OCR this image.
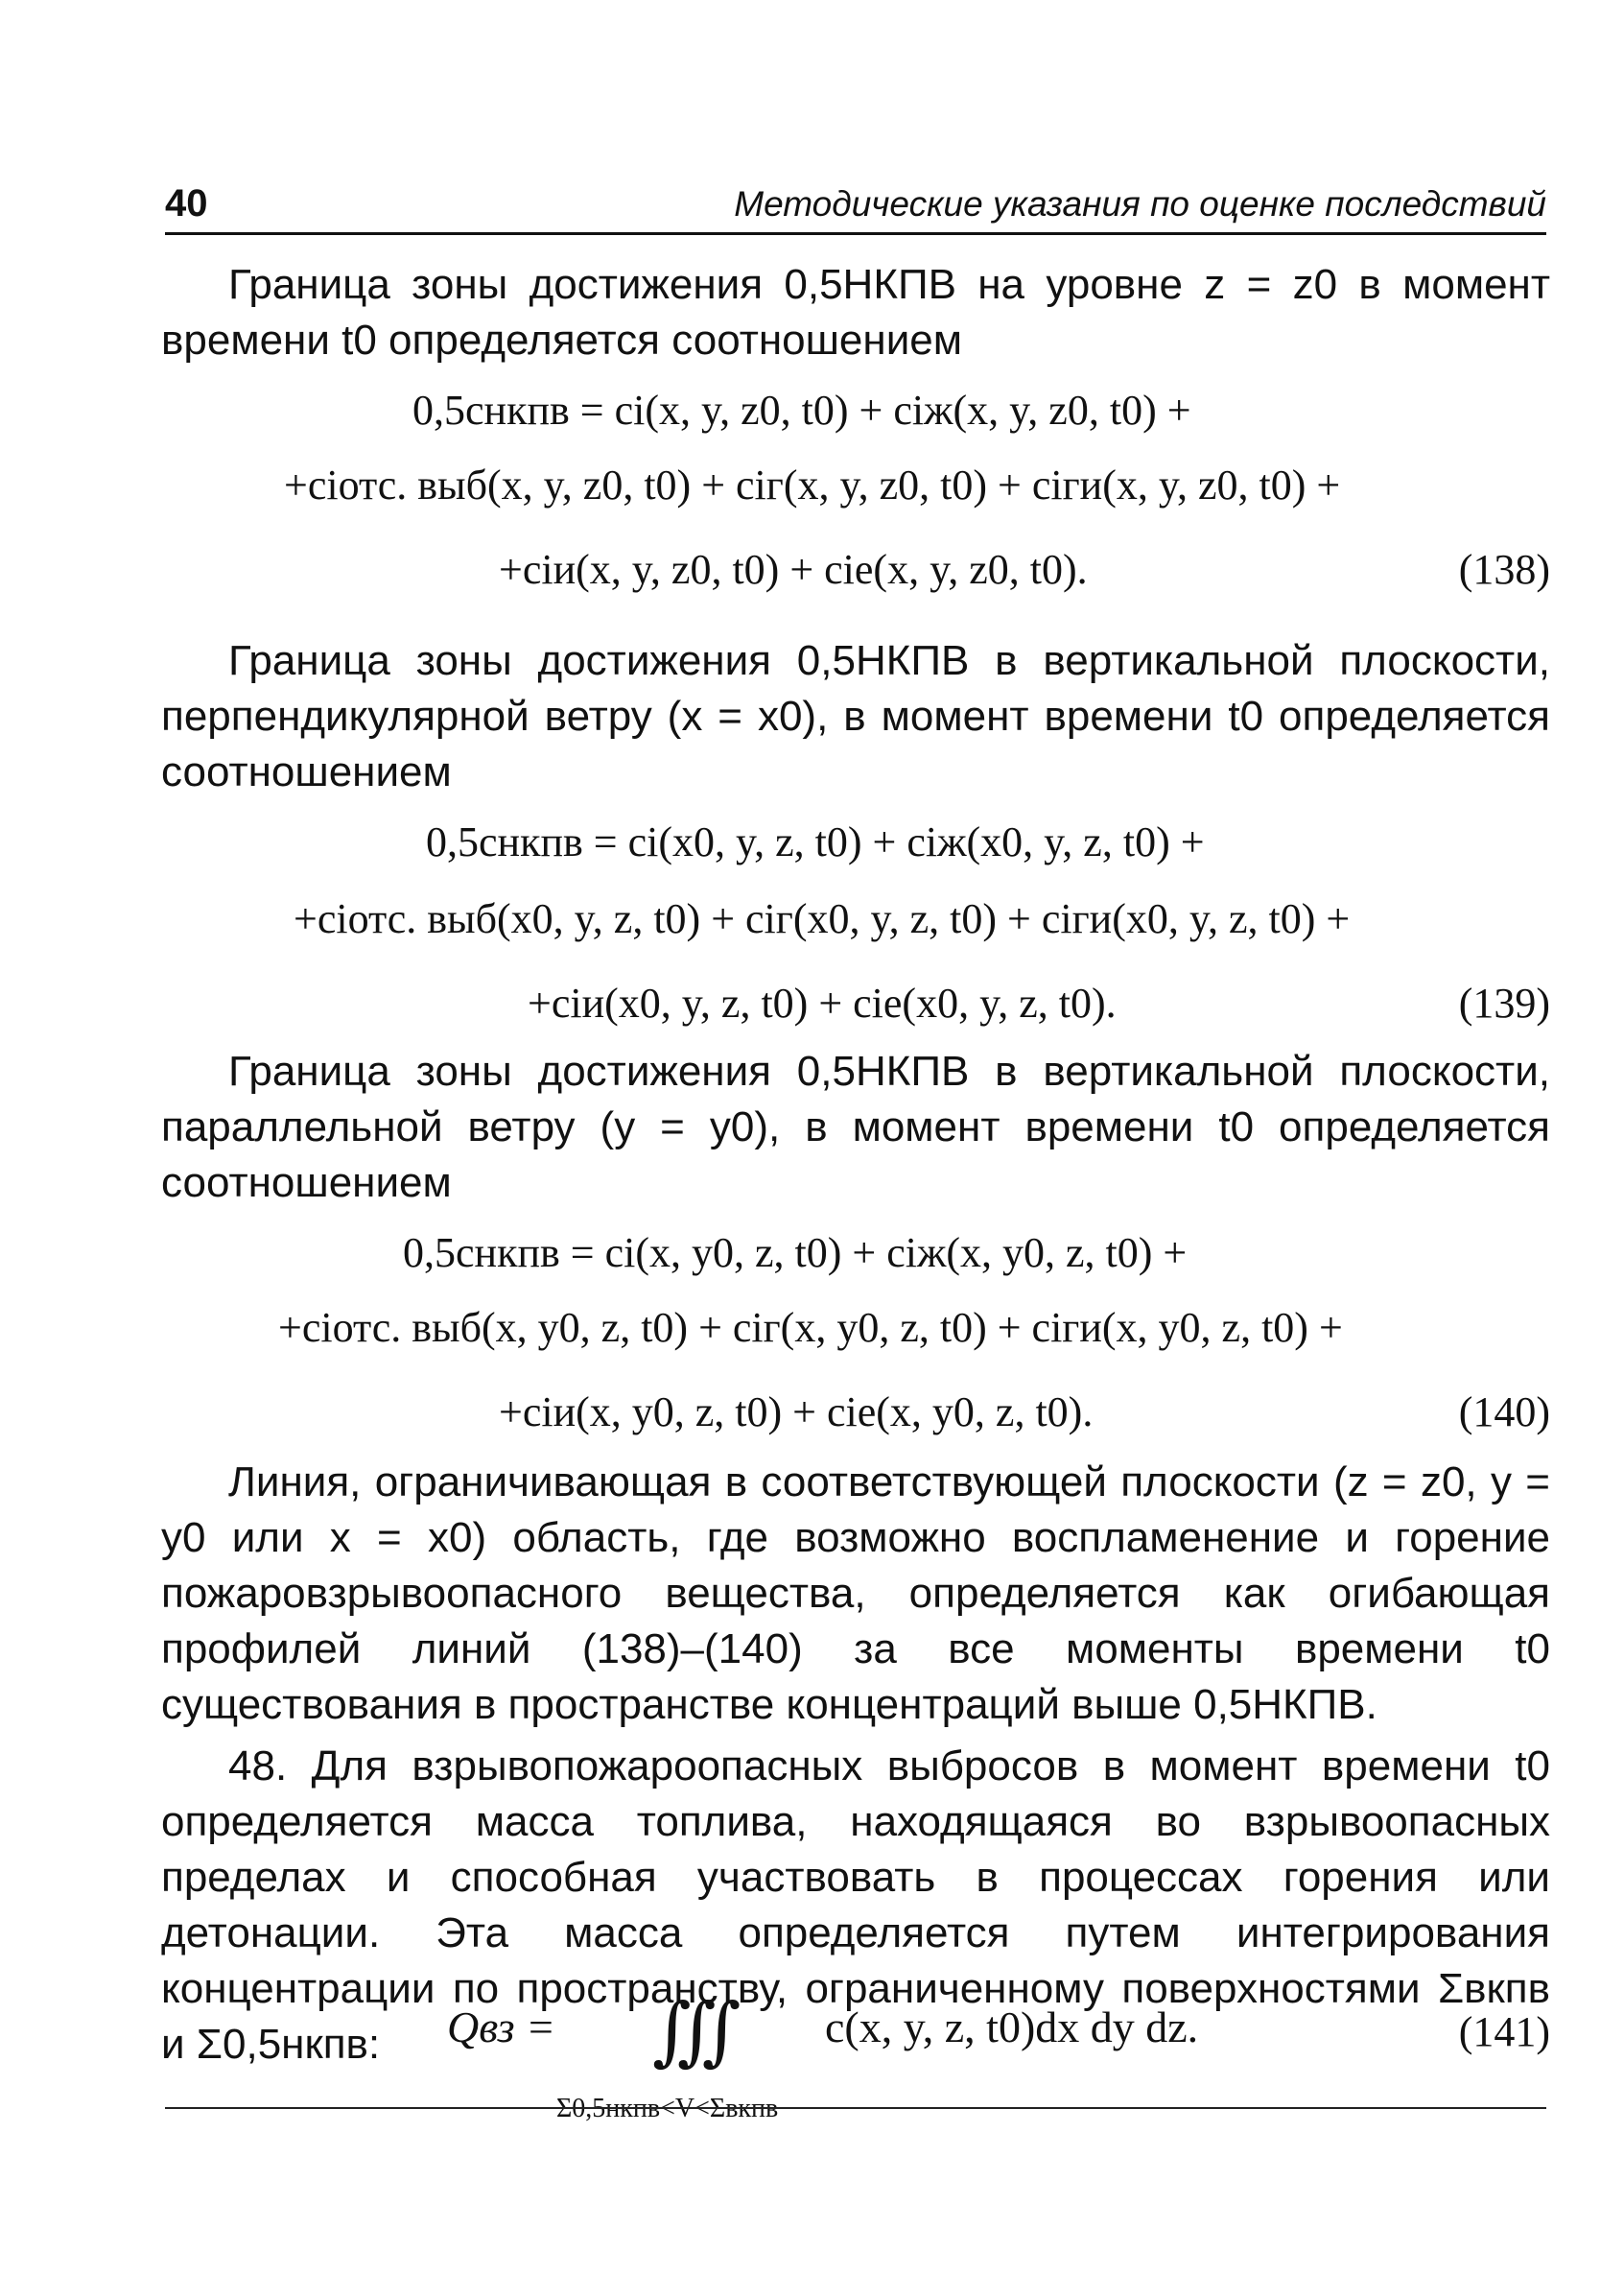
40	Методические указания по оценке последствий
Граница зоны достижения 0,5НКПВ на уровне z = z0 в момент времени t0 определяется соотношением
0,5cнкпв = ci(x, y, z0, t0) + ciж(x, y, z0, t0) +
+ciотс. выб(x, y, z0, t0) + ciг(x, y, z0, t0) + ciги(x, y, z0, t0) +
+ciи(x, y, z0, t0) + cie(x, y, z0, t0).	(138)
Граница зоны достижения 0,5НКПВ в вертикальной плоскости, перпендикулярной ветру (x = x0), в момент времени t0 определяется соотношением
0,5cнкпв = ci(x0, y, z, t0) + ciж(x0, y, z, t0) +
+ciотс. выб(x0, y, z, t0) + ciг(x0, y, z, t0) + ciги(x0, y, z, t0) +
+ciи(x0, y, z, t0) + cie(x0, y, z, t0).	(139)
Граница зоны достижения 0,5НКПВ в вертикальной плоскости, параллельной ветру (y = y0), в момент времени t0 определяется соотношением
0,5cнкпв = ci(x, y0, z, t0) + ciж(x, y0, z, t0) +
+ciотс. выб(x, y0, z, t0) + ciг(x, y0, z, t0) + ciги(x, y0, z, t0) +
+ciи(x, y0, z, t0) + cie(x, y0, z, t0).	(140)
Линия, ограничивающая в соответствующей плоскости (z = z0, y = y0 или x = x0) область, где возможно воспламенение и горение пожаровзрывоопасного вещества, определяется как огибающая профилей линий (138)–(140) за все моменты времени t0 существования в пространстве концентраций выше 0,5НКПВ.
48. Для взрывопожароопасных выбросов в момент времени t0 определяется масса топлива, находящаяся во взрывоопасных пределах и способная участвовать в процессах горения или детонации. Эта масса определяется путем интегрирования концентрации по пространству, ограниченному поверхностями Σвкпв и Σ0,5нкпв:	Qвз = ∭ c(x, y, z, t0)dx dy dz.
Σ0,5нкпв<V<Σвкпв
(141)
